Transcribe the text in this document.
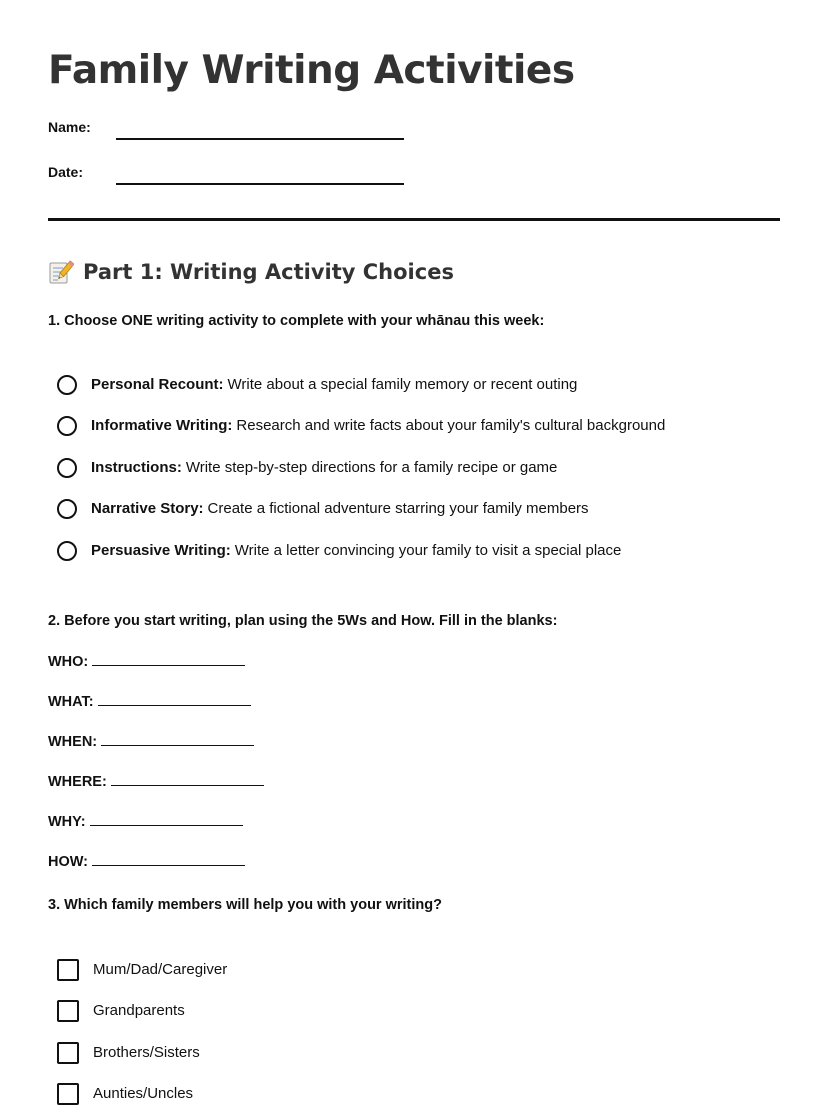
Family Writing Activities
Name:
Date:
Part 1: Writing Activity Choices
1. Choose ONE writing activity to complete with your whānau this week:
Personal Recount: Write about a special family memory or recent outing
Informative Writing: Research and write facts about your family's cultural background
Instructions: Write step-by-step directions for a family recipe or game
Narrative Story: Create a fictional adventure starring your family members
Persuasive Writing: Write a letter convincing your family to visit a special place
2. Before you start writing, plan using the 5Ws and How. Fill in the blanks:
WHO:
WHAT:
WHEN:
WHERE:
WHY:
HOW:
3. Which family members will help you with your writing?
Mum/Dad/Caregiver
Grandparents
Brothers/Sisters
Aunties/Uncles
